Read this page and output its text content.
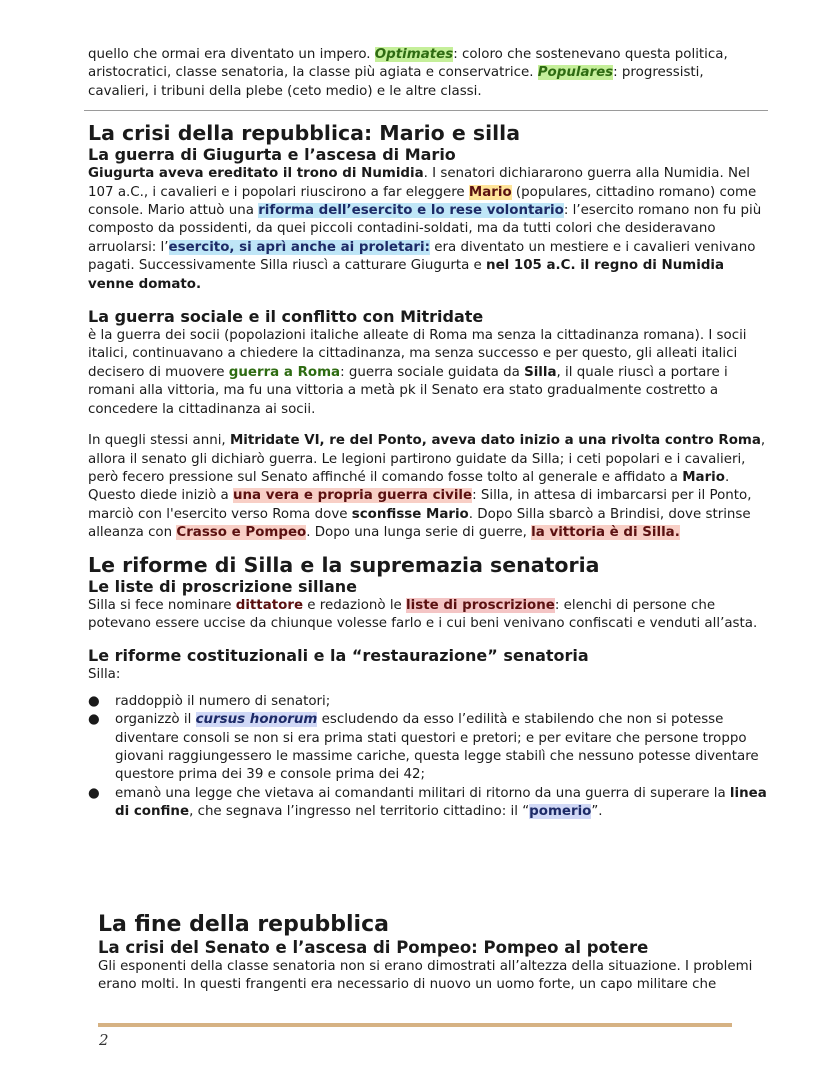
quello che ormai era diventato un impero. Optimates: coloro che sostenevano questa politica, aristocratici, classe senatoria, la classe più agiata e conservatrice. Populares: progressisti, cavalieri, i tribuni della plebe (ceto medio) e le altre classi.

La crisi della repubblica: Mario e silla
La guerra di Giugurta e l’ascesa di Mario

Giugurta aveva ereditato il trono di Numidia. I senatori dichiararono guerra alla Numidia. Nel 107 a.C., i cavalieri e i popolari riuscirono a far eleggere Mario (populares, cittadino romano) come console. Mario attuò una riforma dell’esercito e lo rese volontario: l’esercito romano non fu più composto da possidenti, da quei piccoli contadini-soldati, ma da tutti colori che desideravano arruolarsi: l’esercito, si aprì anche ai proletari: era diventato un mestiere e i cavalieri venivano pagati. Successivamente Silla riuscì a catturare Giugurta e nel 105 a.C. il regno di Numidia venne domato.

La guerra sociale e il conflitto con Mitridate

è la guerra dei socii (popolazioni italiche alleate di Roma ma senza la cittadinanza romana). I socii italici, continuavano a chiedere la cittadinanza, ma senza successo e per questo, gli alleati italici decisero di muovere guerra a Roma: guerra sociale guidata da Silla, il quale riuscì a portare i romani alla vittoria, ma fu una vittoria a metà pk il Senato era stato gradualmente costretto a concedere la cittadinanza ai socii.

In quegli stessi anni, Mitridate VI, re del Ponto, aveva dato inizio a una rivolta contro Roma, allora il senato gli dichiarò guerra. Le legioni partirono guidate da Silla; i ceti popolari e i cavalieri, però fecero pressione sul Senato affinché il comando fosse tolto al generale e affidato a Mario. Questo diede iniziò a una vera e propria guerra civile: Silla, in attesa di imbarcarsi per il Ponto, marciò con l'esercito verso Roma dove sconfisse Mario. Dopo Silla sbarcò a Brindisi, dove strinse alleanza con Crasso e Pompeo. Dopo una lunga serie di guerre, la vittoria è di Silla.

Le riforme di Silla e la supremazia senatoria
Le liste di proscrizione sillane

Silla si fece nominare dittatore e redazionò le liste di proscrizione: elenchi di persone che potevano essere uccise da chiunque volesse farlo e i cui beni venivano confiscati e venduti all’asta.

Le riforme costituzionali e la “restaurazione” senatoria

Silla:

● raddoppiò il numero di senatori;
● organizzò il cursus honorum escludendo da esso l’edilità e stabilendo che non si potesse diventare consoli se non si era prima stati questori e pretori; e per evitare che persone troppo giovani raggiungessero le massime cariche, questa legge stabilì che nessuno potesse diventare questore prima dei 39 e console prima dei 42;
● emanò una legge che vietava ai comandanti militari di ritorno da una guerra di superare la linea di confine, che segnava l’ingresso nel territorio cittadino: il “pomerio”.
La fine della repubblica
La crisi del Senato e l’ascesa di Pompeo: Pompeo al potere

Gli esponenti della classe senatoria non si erano dimostrati all’altezza della situazione. I problemi erano molti. In questi frangenti era necessario di nuovo un uomo forte, un capo militare che

2
